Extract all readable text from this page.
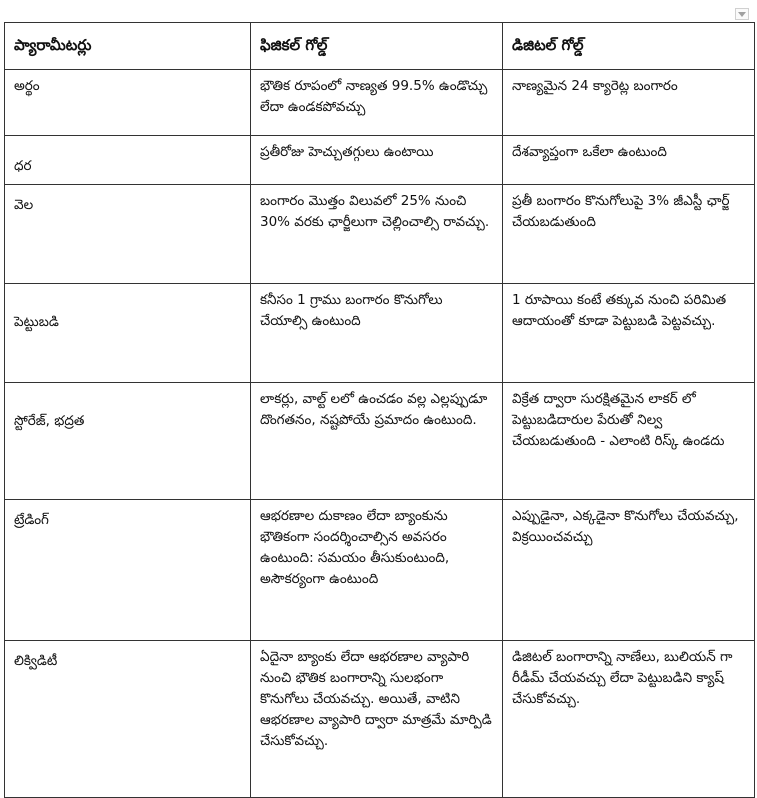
ప్యారామీటర్లు	ఫిజికల్ గోల్డ్	డిజిటల్ గోల్డ్
అర్థం	భౌతిక రూపంలో నాణ్యత 99.5% ఉండొచ్చు లేదా ఉండకపోవచ్చు	నాణ్యమైన 24 క్యారెట్ల బంగారం
ధర	ప్రతీరోజు హెచ్చుతగ్గులు ఉంటాయి	దేశవ్యాప్తంగా ఒకేలా ఉంటుంది
వెల	బంగారం మొత్తం విలువలో 25% నుంచి 30% వరకు ఛార్జీలుగా చెల్లించాల్సి రావచ్చు.	ప్రతీ బంగారం కొనుగోలుపై 3% జీఎస్టీ ఛార్జ్ చేయబడుతుంది
పెట్టుబడి	కనీసం 1 గ్రాము బంగారం కొనుగోలు చేయాల్సి ఉంటుంది	1 రూపాయి కంటే తక్కువ నుంచి పరిమిత ఆదాయంతో కూడా పెట్టుబడి పెట్టవచ్చు.
స్టోరేజ్, భద్రత	లాకర్లు, వాల్ట్ లలో ఉంచడం వల్ల ఎల్లప్పుడూ దొంగతనం, నష్టపోయే ప్రమాదం ఉంటుంది.	విక్రేత ద్వారా సురక్షితమైన లాకర్ లో పెట్టుబడిదారుల పేరుతో నిల్వ చేయబడుతుంది - ఎలాంటి రిస్క్ ఉండదు
ట్రేడింగ్	ఆభరణాల దుకాణం లేదా బ్యాంకును భౌతికంగా సందర్శించాల్సిన అవసరం ఉంటుంది: సమయం తీసుకుంటుంది, అసౌకర్యంగా ఉంటుంది	ఎప్పుడైనా, ఎక్కడైనా కొనుగోలు చేయవచ్చు, విక్రయించవచ్చు
లిక్విడిటీ	ఏదైనా బ్యాంకు లేదా ఆభరణాల వ్యాపారి నుంచి భౌతిక బంగారాన్ని సులభంగా కొనుగోలు చేయవచ్చు. అయితే, వాటిని ఆభరణాల వ్యాపారి ద్వారా మాత్రమే మార్పిడి చేసుకోవచ్చు.	డిజిటల్ బంగారాన్ని నాణేలు, బులియన్ గా రీడీమ్ చేయవచ్చు లేదా పెట్టుబడిని క్యాష్ చేసుకోవచ్చు.
